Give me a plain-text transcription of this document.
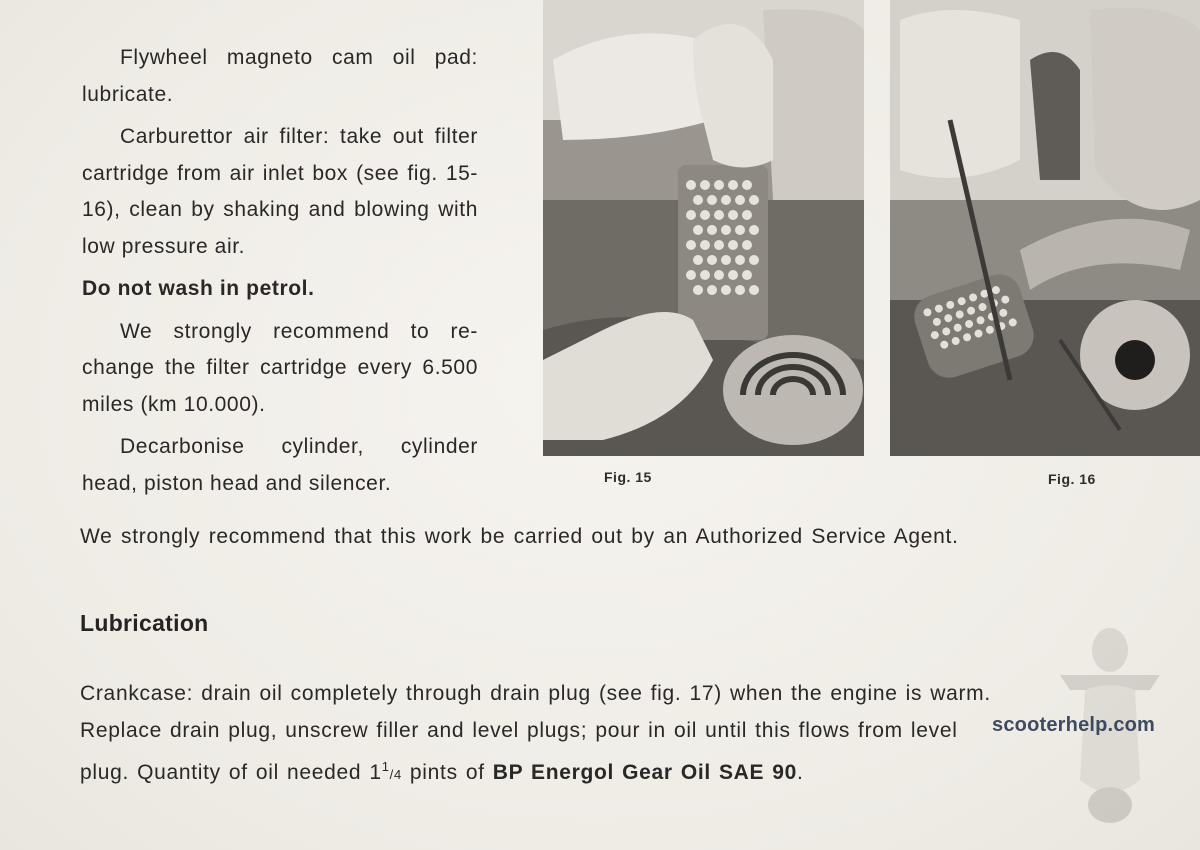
Flywheel magneto cam oil pad: lubricate.

Carburettor air filter: take out filter cartridge from air inlet box (see fig. 15-16), clean by shaking and blowing with low pressure air.

Do not wash in petrol.

We strongly recommend to re-change the filter cartridge every 6.500 miles (km 10.000).

Decarbonise cylinder, cylinder head, piston head and silencer.	Fig. 15	Fig. 16
We strongly recommend that this work be carried out by an Authorized Service Agent.
Lubrication

Crankcase: drain oil completely through drain plug (see fig. 17) when the engine is warm.

Replace drain plug, unscrew filler and level plugs; pour in oil until this flows from level

plug. Quantity of oil needed $1^1/4$ pints of BP Energol Gear Oil SAE 90.

scooterhelp.com
